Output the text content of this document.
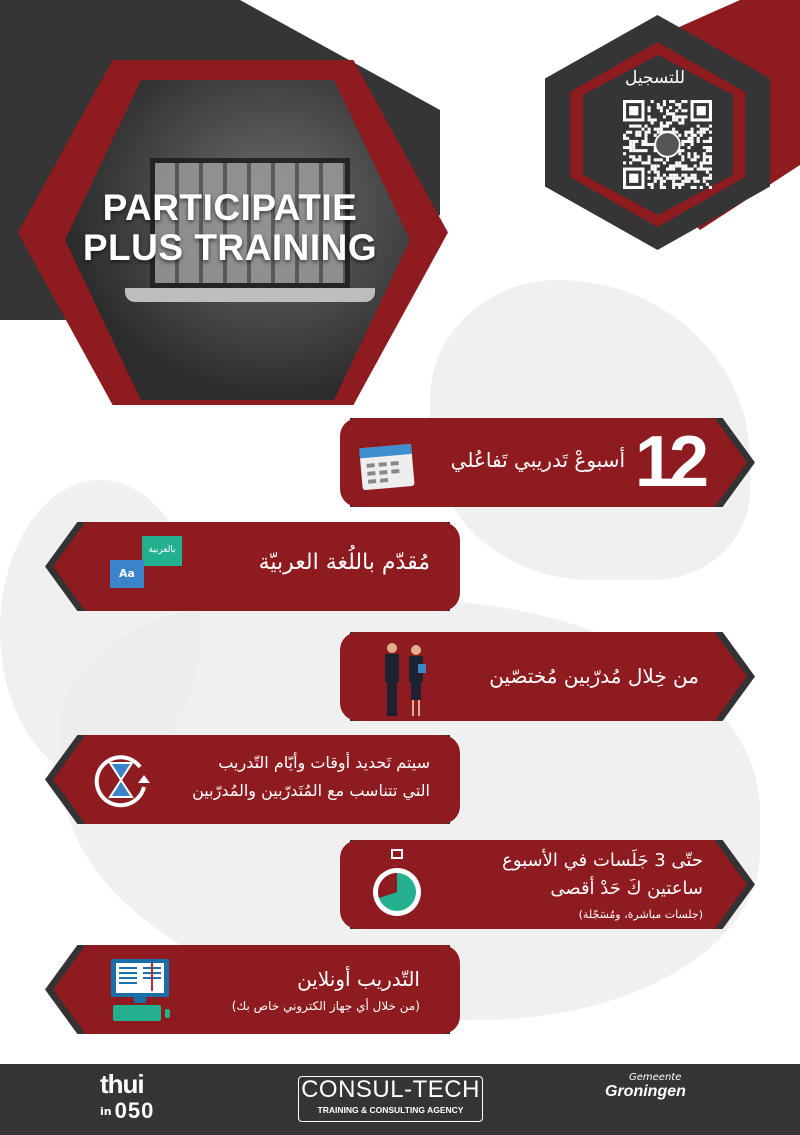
PARTICIPATIE
PLUS TRAINING
للتسجيل
12
أسبوعْ تَدريبي تَفاعُلي
مُقدّم باللُغة العربيّة
بالعربية
Aa
من خِلال مُدرّبين مُختصّين
سيتم تَحديد أوقات وأيّام التّدريب
التي تتناسب مع المُتَدرّبين والمُدرّبين
حتّى 3 جَلَسات في الأسبوع
ساعتين كَ حَدْ أقصى
(جلسات مباشرة، ومُسَجّلة)
التّدريب أونلاين
(من خلال أي جهاز الكتروني خاص بك)
thui
in 050
CONSUL-TECH
TRAINING & CONSULTING AGENCY
Gemeente
Groningen
